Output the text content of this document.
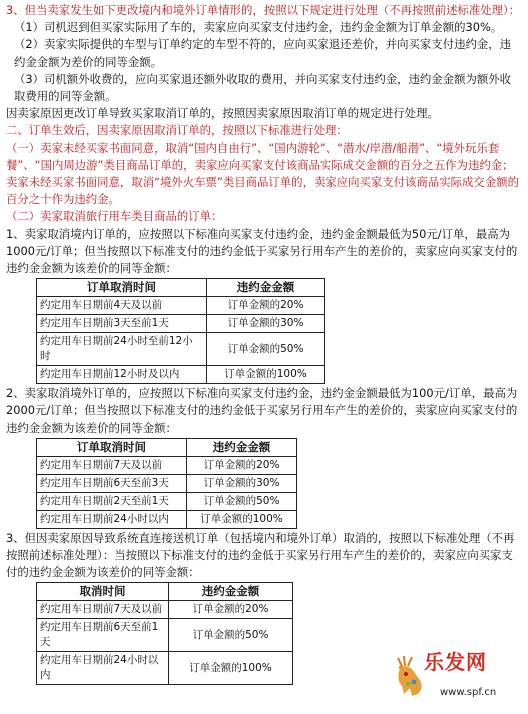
3、但当卖家发生如下更改境内和境外订单情形的，按照以下规定进行处理（不再按照前述标准处理）：

（1）司机迟到但买家实际用了车的，卖家应向买家支付违约金，违约金金额为订单金额的30%。

（2）卖家实际提供的车型与订单约定的车型不符的，应向买家退还差价，并向买家支付违约金，违约金金额为差价的同等金额。

（3）司机额外收费的，应向买家退还额外收取的费用，并向买家支付违约金，违约金金额为额外收取费用的同等金额。

因卖家原因更改订单导致买家取消订单的，按照因卖家原因取消订单的规定进行处理。

二、订单生效后，因卖家原因取消订单的，按照以下标准进行处理：

（一）卖家未经买家书面同意，取消“国内自由行”、“国内游轮”、“潜水/岸潜/船潜”、“境外玩乐套餐”、“国内周边游”类目商品订单的，卖家应向买家支付该商品实际成交金额的百分之五作为违约金；卖家未经买家书面同意，取消“境外火车票”类目商品订单的，卖家应向买家支付该商品实际成交金额的百分之十作为违约金。

（二）卖家取消旅行用车类目商品的订单：

1、卖家取消境内订单的，应按照以下标准向买家支付违约金，违约金金额最低为50元/订单，最高为1000元/订单；但当按照以下标准支付的违约金低于买家另行用车产生的差价的，卖家应向买家支付的违约金金额为该差价的同等金额：

订单取消时间	违约金金额
约定用车日期前4天及以前	订单金额的20%
约定用车日期前3天至前1天	订单金额的30%
约定用车日期前24小时至前12小时	订单金额的50%
约定用车日期前12小时及以内	订单金额的100%

2、卖家取消境外订单的，应按照以下标准向买家支付违约金，违约金金额最低为100元/订单，最高为2000元/订单；但当按照以下标准支付的违约金低于买家另行用车产生的差价的，卖家应向买家支付的违约金金额为该差价的同等金额：

订单取消时间	违约金金额
约定用车日期前7天及以前	订单金额的20%
约定用车日期前6天至前3天	订单金额的30%
约定用车日期前2天至前1天	订单金额的50%
约定用车日期前24小时以内	订单金额的100%

3、但因卖家原因导致系统直连接送机订单（包括境内和境外订单）取消的，按照以下标准处理（不再按照前述标准处理）：当按照以下标准支付的违约金低于买家另行用车产生的差价的，卖家应向买家支付的违约金金额为该差价的同等金额：

取消时间	违约金金额
约定用车日期前7天及以前	订单金额的20%
约定用车日期前6天至前1天	订单金额的50%
约定用车日期前24小时以内	订单金额的100%	乐发网
www.spf.cn
